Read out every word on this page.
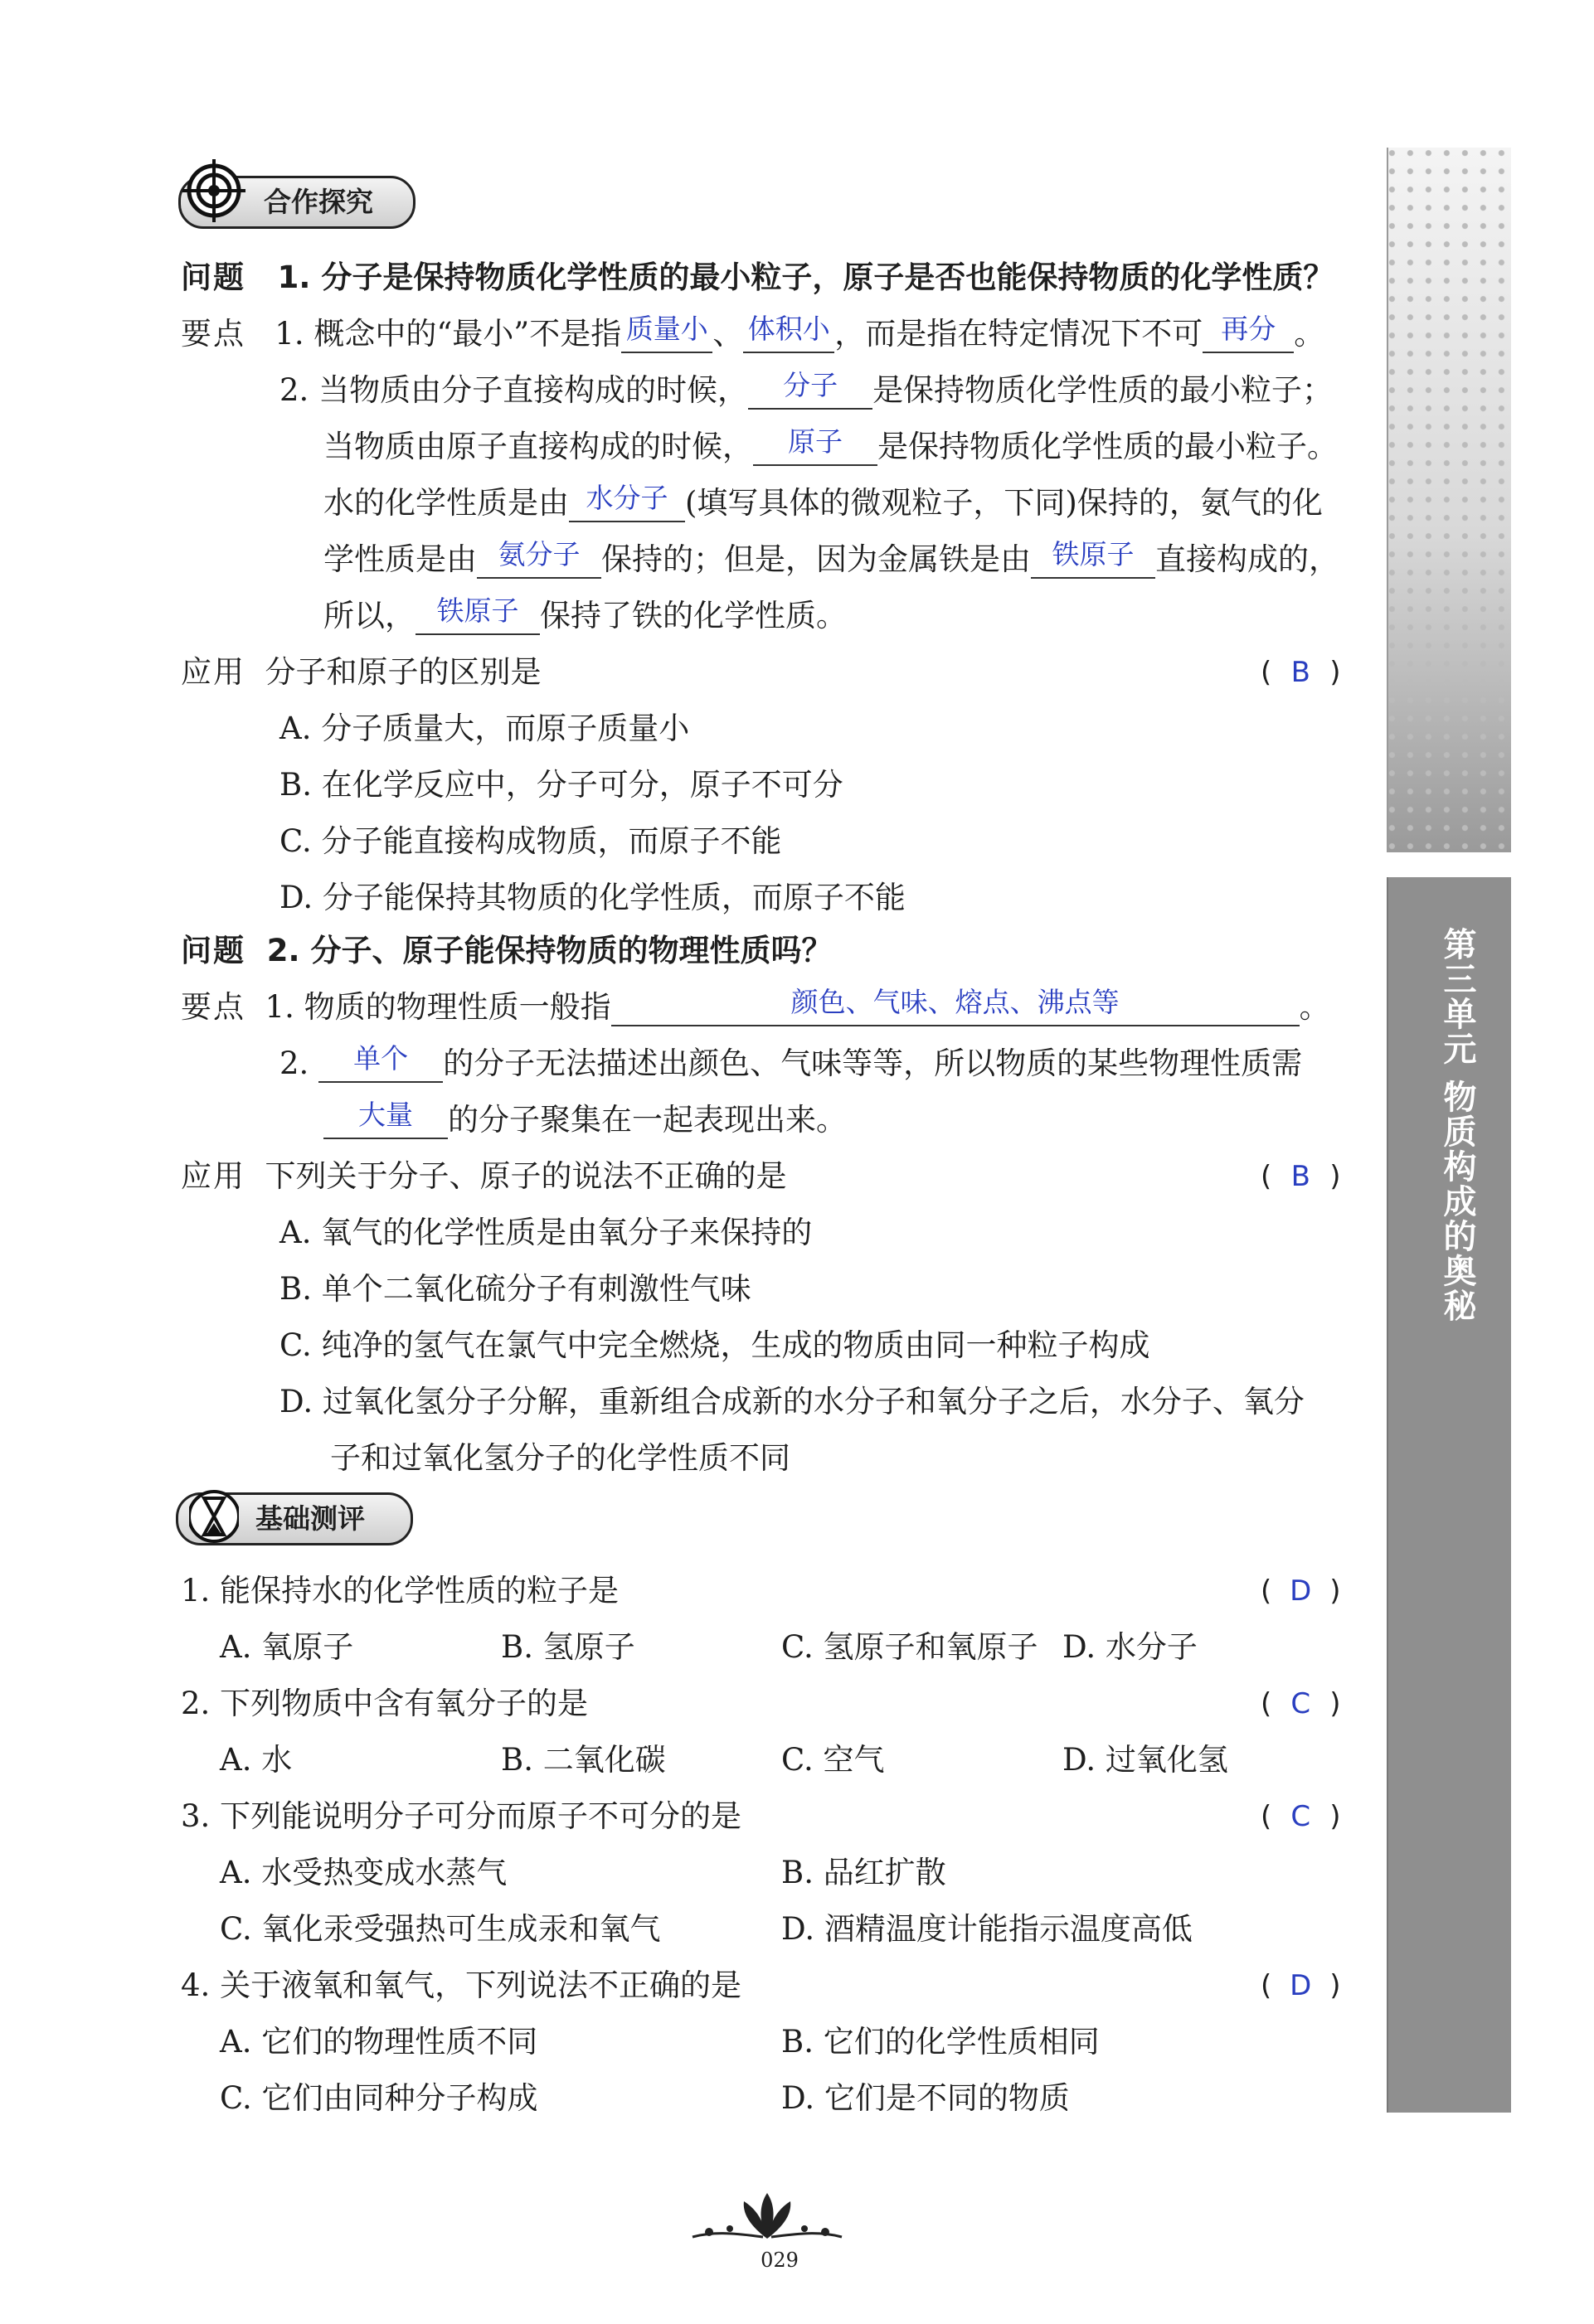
合作探究
问题 1. 分子是保持物质化学性质的最小粒子，原子是否也能保持物质的化学性质？
要点 1. 概念中的“最小”不是指 质量小 、 体积小 ，而是指在特定情况下不可 再分 。
2. 当物质由分子直接构成的时候，	分子	是保持物质化学性质的最小粒子；
当物质由原子直接构成的时候，	原子	是保持物质化学性质的最小粒子。
水的化学性质是由 水分子 (填写具体的微观粒子，下同)保持的，氨气的化
学性质是由 氨分子 保持的；但是，因为金属铁是由 铁原子 直接构成的，
所以， 铁原子 保持了铁的化学性质。
应用 分子和原子的区别是	( B )
A. 分子质量大，而原子质量小
B. 在化学反应中，分子可分，原子不可分
C. 分子能直接构成物质，而原子不能
D. 分子能保持其物质的化学性质，而原子不能
问题 2. 分子、原子能保持物质的物理性质吗？
要点 1. 物质的物理性质一般指	颜色、气味、熔点、沸点等	。
2.	单个	的分子无法描述出颜色、气味等等，所以物质的某些物理性质需
大量	的分子聚集在一起表现出来。
应用 下列关于分子、原子的说法不正确的是	( B )
A. 氧气的化学性质是由氧分子来保持的
B. 单个二氧化硫分子有刺激性气味
C. 纯净的氢气在氯气中完全燃烧，生成的物质由同一种粒子构成
D. 过氧化氢分子分解，重新组合成新的水分子和氧分子之后，水分子、氧分
子和过氧化氢分子的化学性质不同
基础测评
1. 能保持水的化学性质的粒子是	( D )
A. 氧原子	B. 氢原子	C. 氢原子和氧原子 D. 水分子
2. 下列物质中含有氧分子的是	( C )
A. 水	B. 二氧化碳	C. 空气	D. 过氧化氢
3. 下列能说明分子可分而原子不可分的是	( C )
A. 水受热变成水蒸气	B. 品红扩散
C. 氧化汞受强热可生成汞和氧气	D. 酒精温度计能指示温度高低
4. 关于液氧和氧气，下列说法不正确的是	( D )
A. 它们的物理性质不同	B. 它们的化学性质相同
C. 它们由同种分子构成	D. 它们是不同的物质
第三单元 物质构成的奥秘
029
